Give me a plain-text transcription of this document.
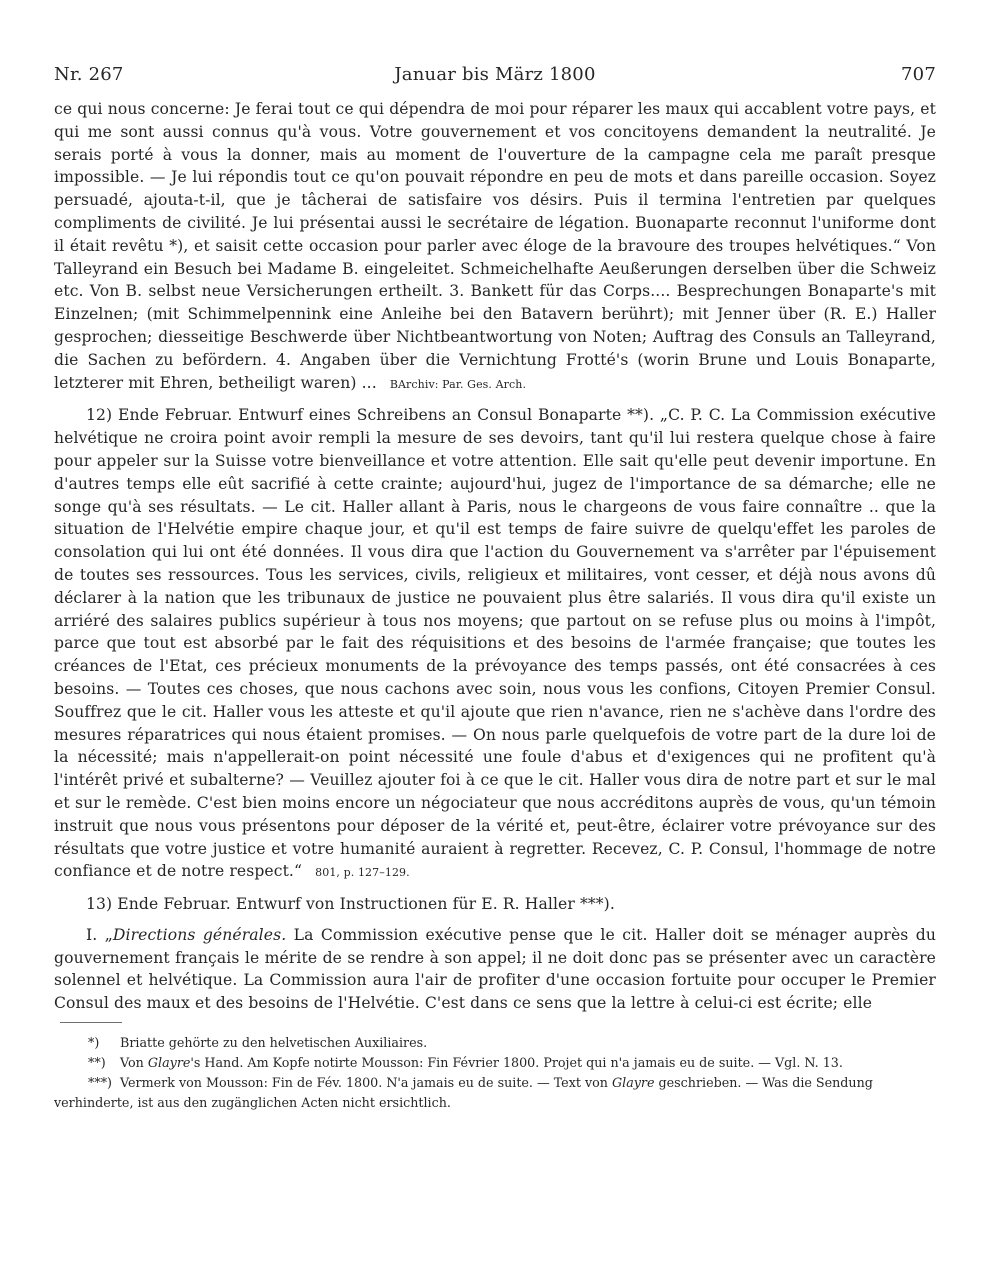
Nr. 267	Januar bis März 1800	707

ce qui nous concerne: Je ferai tout ce qui dépendra de moi pour réparer les maux qui accablent votre pays, et qui me sont aussi connus qu'à vous. Votre gouvernement et vos concitoyens demandent la neutralité. Je serais porté à vous la donner, mais au moment de l'ouverture de la campagne cela me paraît presque impossible. — Je lui répondis tout ce qu'on pouvait répondre en peu de mots et dans pareille occasion. Soyez persuadé, ajouta-t-il, que je tâcherai de satisfaire vos désirs. Puis il termina l'entretien par quelques compliments de civilité. Je lui présentai aussi le secrétaire de légation. Buonaparte reconnut l'uniforme dont il était revêtu *), et saisit cette occasion pour parler avec éloge de la bravoure des troupes helvétiques.“ Von Talleyrand ein Besuch bei Madame B. eingeleitet. Schmeichelhafte Aeußerungen derselben über die Schweiz etc. Von B. selbst neue Versicherungen ertheilt. 3. Bankett für das Corps.... Besprechungen Bonaparte's mit Einzelnen; (mit Schimmelpennink eine Anleihe bei den Batavern berührt); mit Jenner über (R. E.) Haller gesprochen; diesseitige Beschwerde über Nichtbeantwortung von Noten; Auftrag des Consuls an Talleyrand, die Sachen zu befördern. 4. Angaben über die Vernichtung Frotté's (worin Brune und Louis Bonaparte, letzterer mit Ehren, betheiligt waren) ... BArchiv: Par. Ges. Arch.

12) Ende Februar. Entwurf eines Schreibens an Consul Bonaparte **). „C. P. C. La Commission exécutive helvétique ne croira point avoir rempli la mesure de ses devoirs, tant qu'il lui restera quelque chose à faire pour appeler sur la Suisse votre bienveillance et votre attention. Elle sait qu'elle peut devenir importune. En d'autres temps elle eût sacrifié à cette crainte; aujourd'hui, jugez de l'importance de sa démarche; elle ne songe qu'à ses résultats. — Le cit. Haller allant à Paris, nous le chargeons de vous faire connaître .. que la situation de l'Helvétie empire chaque jour, et qu'il est temps de faire suivre de quelqu'effet les paroles de consolation qui lui ont été données. Il vous dira que l'action du Gouvernement va s'arrêter par l'épuisement de toutes ses ressources. Tous les services, civils, religieux et militaires, vont cesser, et déjà nous avons dû déclarer à la nation que les tribunaux de justice ne pouvaient plus être salariés. Il vous dira qu'il existe un arriéré des salaires publics supérieur à tous nos moyens; que partout on se refuse plus ou moins à l'impôt, parce que tout est absorbé par le fait des réquisitions et des besoins de l'armée française; que toutes les créances de l'Etat, ces précieux monuments de la prévoyance des temps passés, ont été consacrées à ces besoins. — Toutes ces choses, que nous cachons avec soin, nous vous les confions, Citoyen Premier Consul. Souffrez que le cit. Haller vous les atteste et qu'il ajoute que rien n'avance, rien ne s'achève dans l'ordre des mesures réparatrices qui nous étaient promises. — On nous parle quelquefois de votre part de la dure loi de la nécessité; mais n'appellerait-on point nécessité une foule d'abus et d'exigences qui ne profitent qu'à l'intérêt privé et subalterne? — Veuillez ajouter foi à ce que le cit. Haller vous dira de notre part et sur le mal et sur le remède. C'est bien moins encore un négociateur que nous accréditons auprès de vous, qu'un témoin instruit que nous vous présentons pour déposer de la vérité et, peut-être, éclairer votre prévoyance sur des résultats que votre justice et votre humanité auraient à regretter. Recevez, C. P. Consul, l'hommage de notre confiance et de notre respect.“ 801, p. 127–129.

13) Ende Februar. Entwurf von Instructionen für E. R. Haller ***).

I. „Directions générales. La Commission exécutive pense que le cit. Haller doit se ménager auprès du gouvernement français le mérite de se rendre à son appel; il ne doit donc pas se présenter avec un caractère solennel et helvétique. La Commission aura l'air de profiter d'une occasion fortuite pour occuper le Premier Consul des maux et des besoins de l'Helvétie. C'est dans ce sens que la lettre à celui-ci est écrite; elle

*) Briatte gehörte zu den helvetischen Auxiliaires.

**) Von Glayre's Hand. Am Kopfe notirte Mousson: Fin Février 1800. Projet qui n'a jamais eu de suite. — Vgl. N. 13.

***) Vermerk von Mousson: Fin de Fév. 1800. N'a jamais eu de suite. — Text von Glayre geschrieben. — Was die Sendung verhinderte, ist aus den zugänglichen Acten nicht ersichtlich.
